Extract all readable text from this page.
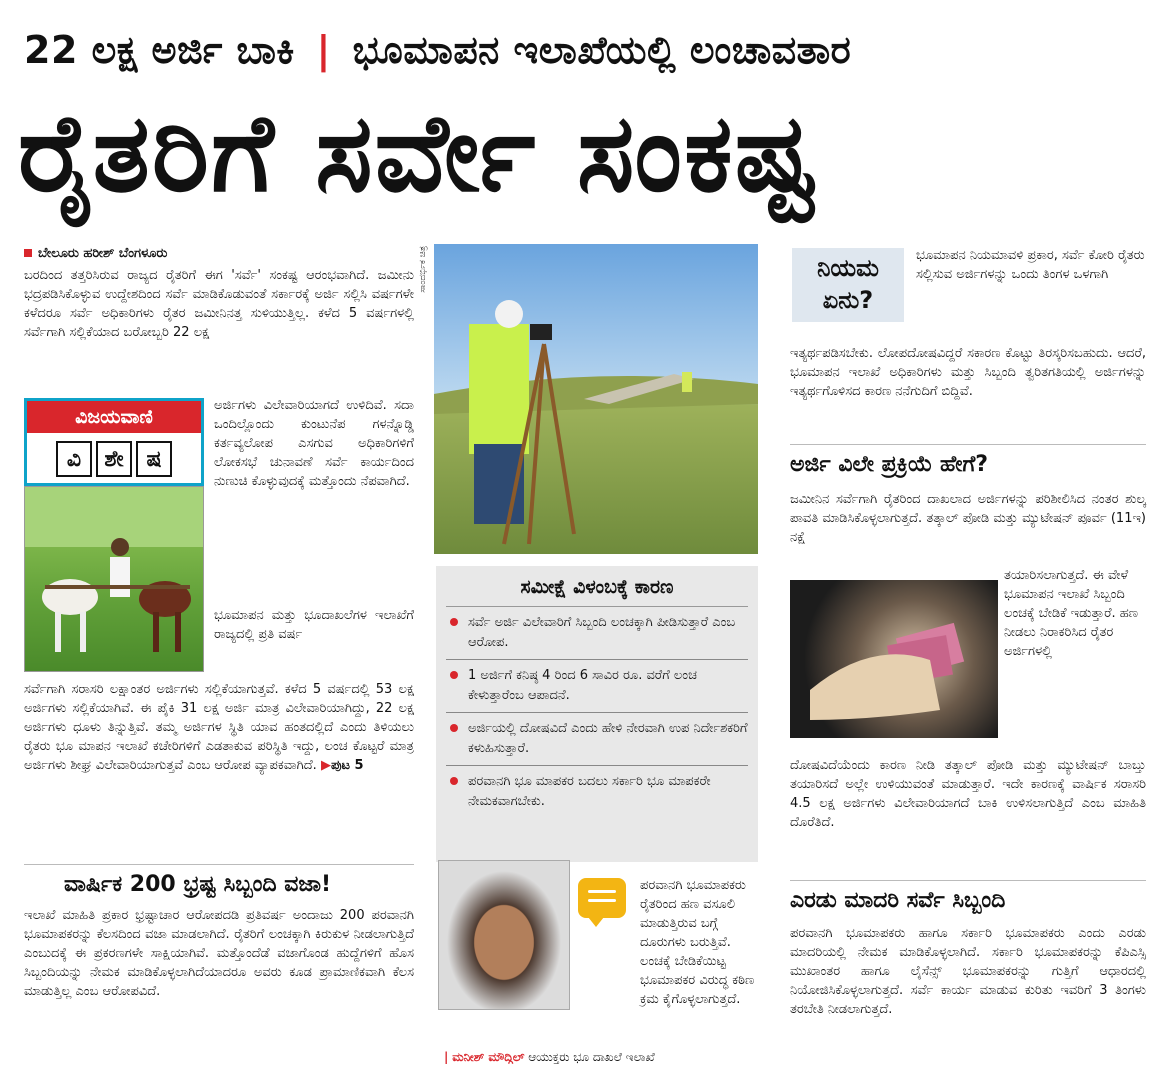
22 ಲಕ್ಷ ಅರ್ಜಿ ಬಾಕಿ | ಭೂಮಾಪನ ಇಲಾಖೆಯಲ್ಲಿ ಲಂಚಾವತಾರ
ರೈತರಿಗೆ ಸರ್ವೇ ಸಂಕಷ್ಟ
ಬೇಲೂರು ಹರೀಶ್ ಬೆಂಗಳೂರು
ಬರದಿಂದ ತತ್ತರಿಸಿರುವ ರಾಜ್ಯದ ರೈತರಿಗೆ ಈಗ 'ಸರ್ವೆ' ಸಂಕಷ್ಟ ಆರಂಭವಾಗಿದೆ. ಜಮೀನು ಭದ್ರಪಡಿಸಿಕೊಳ್ಳುವ ಉದ್ದೇಶದಿಂದ ಸರ್ವೆ ಮಾಡಿಕೊಡುವಂತೆ ಸರ್ಕಾರಕ್ಕೆ ಅರ್ಜಿ ಸಲ್ಲಿಸಿ ವರ್ಷಗಳೇ ಕಳೆದರೂ ಸರ್ವೆ ಅಧಿಕಾರಿಗಳು ರೈತರ ಜಮೀನಿನತ್ತ ಸುಳಿಯುತ್ತಿಲ್ಲ. ಕಳೆದ 5 ವರ್ಷಗಳಲ್ಲಿ ಸರ್ವೆಗಾಗಿ ಸಲ್ಲಿಕೆಯಾದ ಬರೋಬ್ಬರಿ 22 ಲಕ್ಷ
ವಿಜಯವಾಣಿ
ವಿ	ಶೇ	ಷ
ಅರ್ಜಿಗಳು ವಿಲೇವಾರಿಯಾಗದೆ ಉಳಿದಿವೆ. ಸದಾ ಒಂದಿಲ್ಲೊಂದು ಕುಂಟುನೆಪ ಗಳನ್ನೊಡ್ಡಿ ಕರ್ತವ್ಯಲೋಪ ಎಸಗುವ ಅಧಿಕಾರಿಗಳಿಗೆ ಲೋಕಸಭೆ ಚುನಾವಣೆ ಸರ್ವೆ ಕಾರ್ಯದಿಂದ ನುಣುಚಿ ಕೊಳ್ಳುವುದಕ್ಕೆ ಮತ್ತೊಂದು ನೆಪವಾಗಿದೆ.
ಭೂಮಾಪನ ಮತ್ತು ಭೂದಾಖಲೆಗಳ ಇಲಾಖೆಗೆ ರಾಜ್ಯದಲ್ಲಿ ಪ್ರತಿ ವರ್ಷ
ಸರ್ವೆಗಾಗಿ ಸರಾಸರಿ ಲಕ್ಷಾಂತರ ಅರ್ಜಿಗಳು ಸಲ್ಲಿಕೆಯಾಗುತ್ತವೆ. ಕಳೆದ 5 ವರ್ಷದಲ್ಲಿ 53 ಲಕ್ಷ ಅರ್ಜಿಗಳು ಸಲ್ಲಿಕೆಯಾಗಿವೆ. ಈ ಪೈಕಿ 31 ಲಕ್ಷ ಅರ್ಜಿ ಮಾತ್ರ ವಿಲೇವಾರಿಯಾಗಿದ್ದು, 22 ಲಕ್ಷ ಅರ್ಜಿಗಳು ಧೂಳು ತಿನ್ನುತ್ತಿವೆ. ತಮ್ಮ ಅರ್ಜಿಗಳ ಸ್ಥಿತಿ ಯಾವ ಹಂತದಲ್ಲಿದೆ ಎಂದು ತಿಳಿಯಲು ರೈತರು ಭೂ ಮಾಪನ ಇಲಾಖೆ ಕಚೇರಿಗಳಿಗೆ ಎಡತಾಕುವ ಪರಿಸ್ಥಿತಿ ಇದ್ದು, ಲಂಚ ಕೊಟ್ಟರೆ ಮಾತ್ರ ಅರ್ಜಿಗಳು ಶೀಘ್ರ ವಿಲೇವಾರಿಯಾಗುತ್ತವೆ ಎಂಬ ಆರೋಪ ವ್ಯಾಪಕವಾಗಿದೆ. ▶ಪುಟ 5
ವಾರ್ಷಿಕ 200 ಭ್ರಷ್ಟ ಸಿಬ್ಬಂದಿ ವಜಾ!
ಇಲಾಖೆ ಮಾಹಿತಿ ಪ್ರಕಾರ ಭ್ರಷ್ಟಾಚಾರ ಆರೋಪದಡಿ ಪ್ರತಿವರ್ಷ ಅಂದಾಜು 200 ಪರವಾನಗಿ ಭೂಮಾಪಕರನ್ನು ಕೆಲಸದಿಂದ ವಜಾ ಮಾಡಲಾಗಿದೆ. ರೈತರಿಗೆ ಲಂಚಕ್ಕಾಗಿ ಕಿರುಕುಳ ನೀಡಲಾಗುತ್ತಿದೆ ಎಂಬುದಕ್ಕೆ ಈ ಪ್ರಕರಣಗಳೇ ಸಾಕ್ಷಿಯಾಗಿವೆ. ಮತ್ತೊಂದೆಡೆ ವಜಾಗೊಂಡ ಹುದ್ದೆಗಳಿಗೆ ಹೊಸ ಸಿಬ್ಬಂದಿಯನ್ನು ನೇಮಕ ಮಾಡಿಕೊಳ್ಳಲಾಗಿದೆಯಾದರೂ ಅವರು ಕೂಡ ಪ್ರಾಮಾಣಿಕವಾಗಿ ಕೆಲಸ ಮಾಡುತ್ತಿಲ್ಲ ಎಂಬ ಆರೋಪವಿದೆ.
ಸಾಂದರ್ಭಿಕ ಚಿತ್ರ
ಸಮೀಕ್ಷೆ ವಿಳಂಬಕ್ಕೆ ಕಾರಣ
ಸರ್ವೆ ಅರ್ಜಿ ವಿಲೇವಾರಿಗೆ ಸಿಬ್ಬಂದಿ ಲಂಚಕ್ಕಾಗಿ ಪೀಡಿಸುತ್ತಾರೆ ಎಂಬ ಆರೋಪ.
1 ಅರ್ಜಿಗೆ ಕನಿಷ್ಠ 4 ರಿಂದ 6 ಸಾವಿರ ರೂ. ವರೆಗೆ ಲಂಚ ಕೇಳುತ್ತಾರೆಂಬ ಆಪಾದನೆ.
ಅರ್ಜಿಯಲ್ಲಿ ದೋಷವಿದೆ ಎಂದು ಹೇಳಿ ನೇರವಾಗಿ ಉಪ ನಿರ್ದೇಶಕರಿಗೆ ಕಳುಹಿಸುತ್ತಾರೆ.
ಪರವಾನಗಿ ಭೂ ಮಾಪಕರ ಬದಲು ಸರ್ಕಾರಿ ಭೂ ಮಾಪಕರೇ ನೇಮಕವಾಗಬೇಕು.
ಪರವಾನಗಿ ಭೂಮಾಪಕರು ರೈತರಿಂದ ಹಣ ವಸೂಲಿ ಮಾಡುತ್ತಿರುವ ಬಗ್ಗೆ ದೂರುಗಳು ಬರುತ್ತಿವೆ. ಲಂಚಕ್ಕೆ ಬೇಡಿಕೆಯಿಟ್ಟ ಭೂಮಾಪಕರ ವಿರುದ್ಧ ಕಠಿಣ ಕ್ರಮ ಕೈಗೊಳ್ಳಲಾಗುತ್ತದೆ.
| ಮನೀಶ್ ಮೌದ್ಗಿಲ್ ಆಯುಕ್ತರು ಭೂ ದಾಖಲೆ ಇಲಾಖೆ
ನಿಯಮ ಏನು?
ಭೂಮಾಪನ ನಿಯಮಾವಳಿ ಪ್ರಕಾರ, ಸರ್ವೆ ಕೋರಿ ರೈತರು ಸಲ್ಲಿಸುವ ಅರ್ಜಿಗಳನ್ನು ಒಂದು ತಿಂಗಳ ಒಳಗಾಗಿ
ಇತ್ಯರ್ಥಪಡಿಸಬೇಕು. ಲೋಪದೋಷವಿದ್ದರೆ ಸಕಾರಣ ಕೊಟ್ಟು ತಿರಸ್ಕರಿಸಬಹುದು. ಆದರೆ, ಭೂಮಾಪನ ಇಲಾಖೆ ಅಧಿಕಾರಿಗಳು ಮತ್ತು ಸಿಬ್ಬಂದಿ ತ್ವರಿತಗತಿಯಲ್ಲಿ ಅರ್ಜಿಗಳನ್ನು ಇತ್ಯರ್ಥಗೊಳಿಸದ ಕಾರಣ ನನೆಗುದಿಗೆ ಬಿದ್ದಿವೆ.
ಅರ್ಜಿ ವಿಲೇ ಪ್ರಕ್ರಿಯೆ ಹೇಗೆ?
ಜಮೀನಿನ ಸರ್ವೆಗಾಗಿ ರೈತರಿಂದ ದಾಖಲಾದ ಅರ್ಜಿಗಳನ್ನು ಪರಿಶೀಲಿಸಿದ ನಂತರ ಶುಲ್ಕ ಪಾವತಿ ಮಾಡಿಸಿಕೊಳ್ಳಲಾಗುತ್ತದೆ. ತತ್ಕಾಲ್ ಪೋಡಿ ಮತ್ತು ಮ್ಯುಟೇಷನ್ ಪೂರ್ವ (11ಇ) ನಕ್ಷೆ
ತಯಾರಿಸಲಾಗುತ್ತದೆ. ಈ ವೇಳೆ ಭೂಮಾಪನ ಇಲಾಖೆ ಸಿಬ್ಬಂದಿ ಲಂಚಕ್ಕೆ ಬೇಡಿಕೆ ಇಡುತ್ತಾರೆ. ಹಣ ನೀಡಲು ನಿರಾಕರಿಸಿದ ರೈತರ ಅರ್ಜಿಗಳಲ್ಲಿ
ದೋಷವಿದೆಯೆಂದು ಕಾರಣ ನೀಡಿ ತತ್ಕಾಲ್ ಪೋಡಿ ಮತ್ತು ಮ್ಯುಟೇಷನ್ ಬಾಬ್ತು ತಯಾರಿಸದೆ ಅಲ್ಲೇ ಉಳಿಯುವಂತೆ ಮಾಡುತ್ತಾರೆ. ಇದೇ ಕಾರಣಕ್ಕೆ ವಾರ್ಷಿಕ ಸರಾಸರಿ 4.5 ಲಕ್ಷ ಅರ್ಜಿಗಳು ವಿಲೇವಾರಿಯಾಗದೆ ಬಾಕಿ ಉಳಿಸಲಾಗುತ್ತಿದೆ ಎಂಬ ಮಾಹಿತಿ ದೊರೆತಿದೆ.
ಎರಡು ಮಾದರಿ ಸರ್ವೆ ಸಿಬ್ಬಂದಿ
ಪರವಾನಗಿ ಭೂಮಾಪಕರು ಹಾಗೂ ಸರ್ಕಾರಿ ಭೂಮಾಪಕರು ಎಂದು ಎರಡು ಮಾದರಿಯಲ್ಲಿ ನೇಮಕ ಮಾಡಿಕೊಳ್ಳಲಾಗಿದೆ. ಸರ್ಕಾರಿ ಭೂಮಾಪಕರನ್ನು ಕೆಪಿಎಸ್ಸಿ ಮುಖಾಂತರ ಹಾಗೂ ಲೈಸೆನ್ಸ್ ಭೂಮಾಪಕರನ್ನು ಗುತ್ತಿಗೆ ಆಧಾರದಲ್ಲಿ ನಿಯೋಜಿಸಿಕೊಳ್ಳಲಾಗುತ್ತದೆ. ಸರ್ವೆ ಕಾರ್ಯ ಮಾಡುವ ಕುರಿತು ಇವರಿಗೆ 3 ತಿಂಗಳು ತರಬೇತಿ ನೀಡಲಾಗುತ್ತದೆ.
